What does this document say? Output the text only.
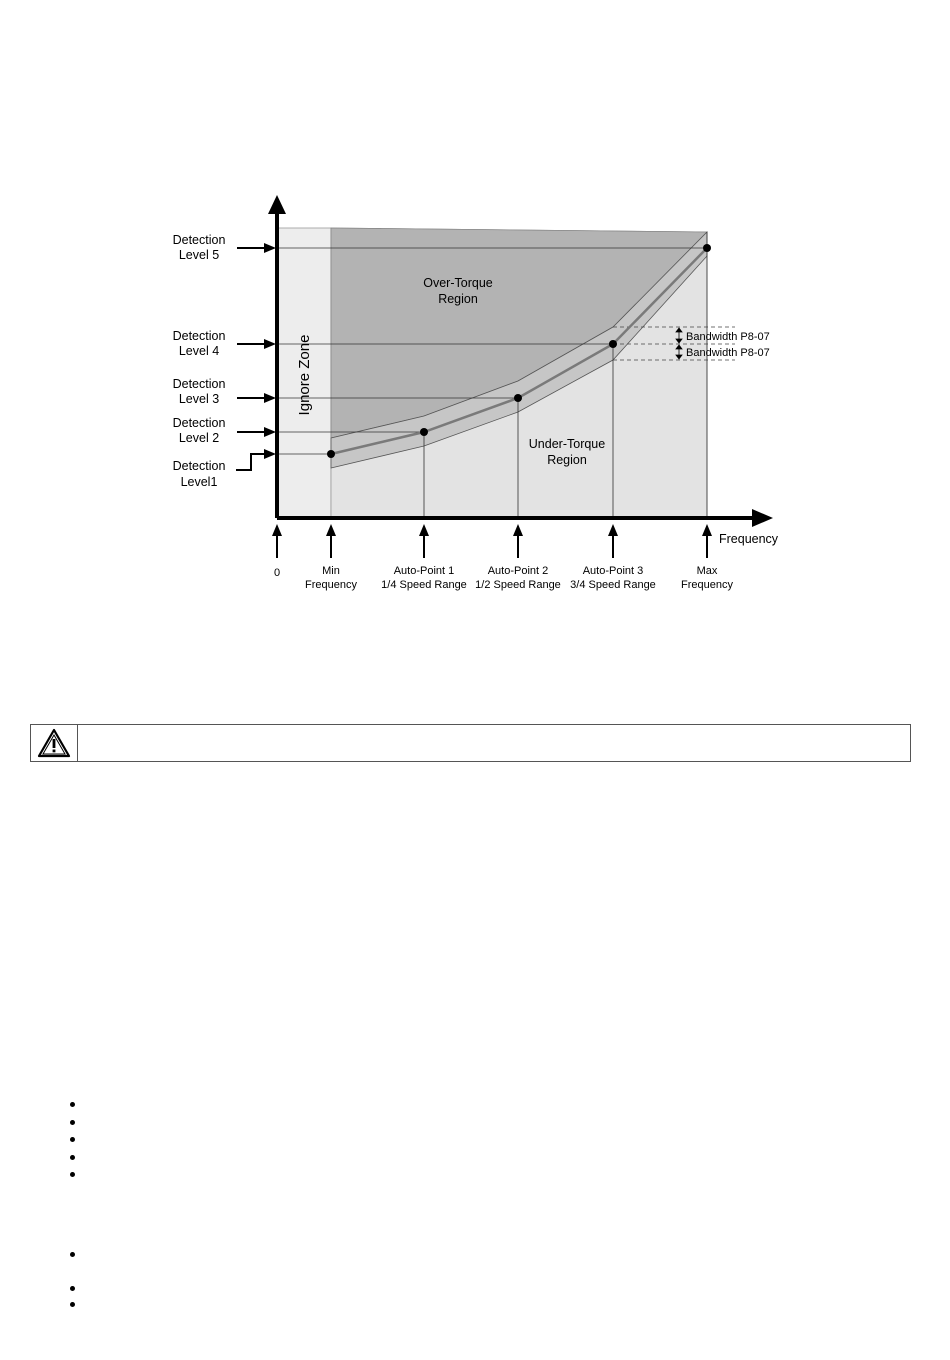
Detection
Level 5
Detection
Level 4
Detection
Level 3
Detection
Level 2
Detection
Level1
Over-Torque
Region
Under-Torque
Region
Ignore Zone	Bandwidth P8-07
Bandwidth P8-07
Frequency
0	Min
Frequency
Auto-Point 1
1/4 Speed Range
Auto-Point 2
1/2 Speed Range
Auto-Point 3
3/4 Speed Range
Max
Frequency
